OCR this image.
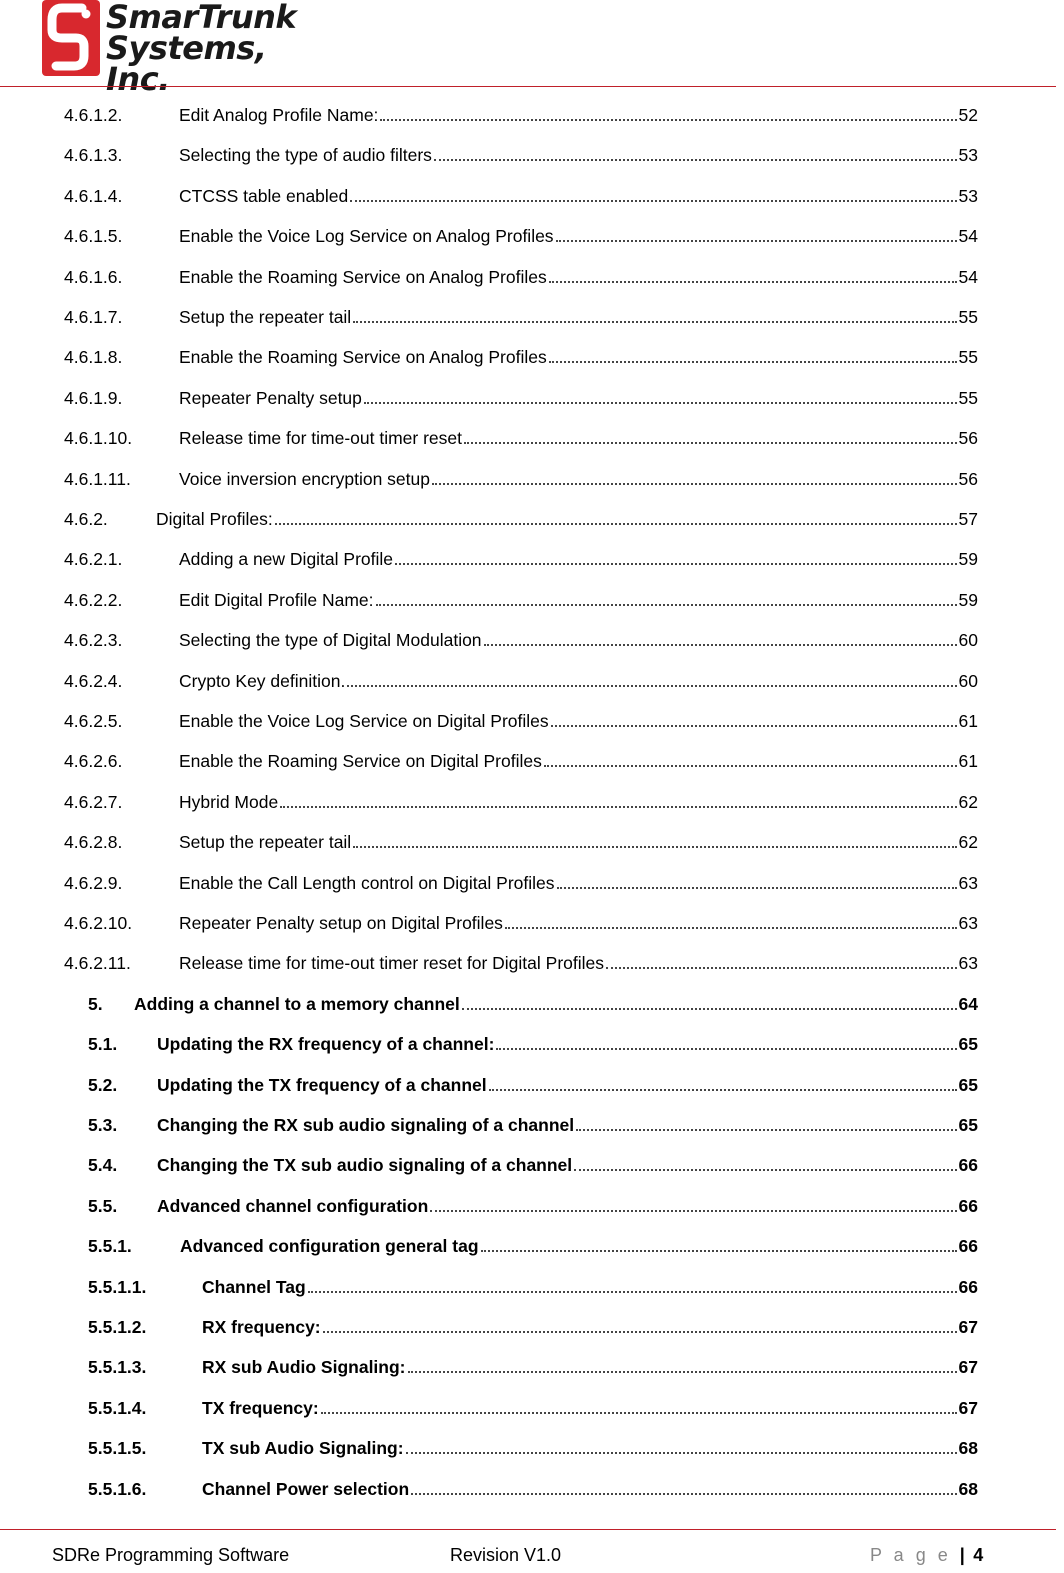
SmarTrunk
Systems, Inc.
4.6.1.2.	Edit Analog Profile Name:	52
4.6.1.3.	Selecting the type of audio filters	53
4.6.1.4.	CTCSS table enabled	53
4.6.1.5.	Enable the Voice Log Service on Analog Profiles	54
4.6.1.6.	Enable the Roaming Service on Analog Profiles	54
4.6.1.7.	Setup the repeater tail	55
4.6.1.8.	Enable the Roaming Service on Analog Profiles	55
4.6.1.9.	Repeater Penalty setup	55
4.6.1.10.	Release time for time-out timer reset	56
4.6.1.11.	Voice inversion encryption setup	56
4.6.2.	Digital Profiles:	57
4.6.2.1.	Adding a new Digital Profile	59
4.6.2.2.	Edit Digital Profile Name:	59
4.6.2.3.	Selecting the type of Digital Modulation	60
4.6.2.4.	Crypto Key definition.	60
4.6.2.5.	Enable the Voice Log Service on Digital Profiles	61
4.6.2.6.	Enable the Roaming Service on Digital Profiles	61
4.6.2.7.	Hybrid Mode	62
4.6.2.8.	Setup the repeater tail	62
4.6.2.9.	Enable the Call Length control on Digital Profiles	63
4.6.2.10.	Repeater Penalty setup on Digital Profiles	63
4.6.2.11.	Release time for time-out timer reset for Digital Profiles	63
5.	Adding a channel to a memory channel	64
5.1.	Updating the RX frequency of a channel:	65
5.2.	Updating the TX frequency of a channel	65
5.3.	Changing the RX sub audio signaling of a channel	65
5.4.	Changing the TX sub audio signaling of a channel	66
5.5.	Advanced channel configuration	66
5.5.1.	Advanced configuration general tag	66
5.5.1.1.	Channel Tag	66
5.5.1.2.	RX frequency:	67
5.5.1.3.	RX sub Audio Signaling:	67
5.5.1.4.	TX frequency:	67
5.5.1.5.	TX sub Audio Signaling:	68
5.5.1.6.	Channel Power selection	68
SDRe Programming Software	Revision V1.0	P a g e | 4
